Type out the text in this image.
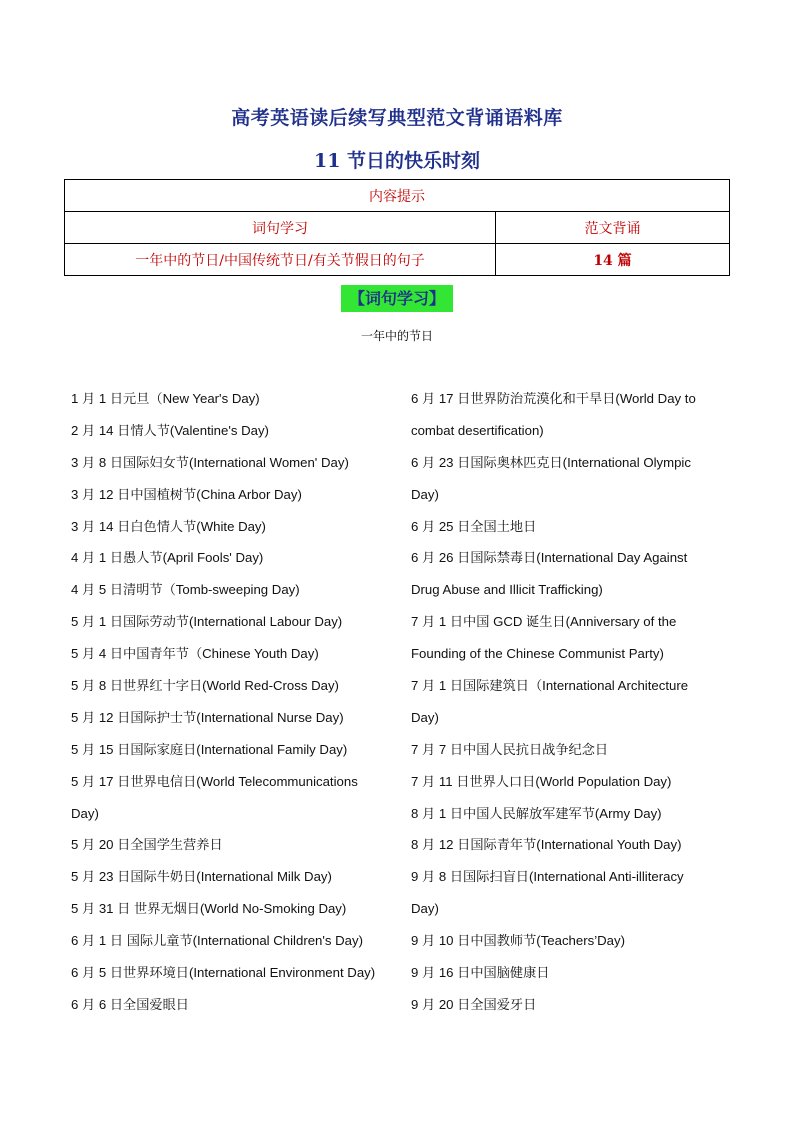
高考英语读后续写典型范文背诵语料库
11 节日的快乐时刻
内容提示	
词句学习	范文背诵
一年中的节日/中国传统节日/有关节假日的句子	14 篇
【词句学习】
一年中的节日
1 月 1 日元旦（New Year's Day)
2 月 14 日情人节(Valentine's Day)
3 月 8 日国际妇女节(International Women' Day)
3 月 12 日中国植树节(China Arbor Day)
3 月 14 日白色情人节(White Day)
4 月 1 日愚人节(April Fools' Day)
4 月 5 日清明节（Tomb-sweeping Day)
5 月 1 日国际劳动节(International Labour Day)
5 月 4 日中国青年节（Chinese Youth Day)
5 月 8 日世界红十字日(World Red-Cross Day)
5 月 12 日国际护士节(International Nurse Day)
5 月 15 日国际家庭日(International Family Day)
5 月 17 日世界电信日(World Telecommunications
Day)
5 月 20 日全国学生营养日
5 月 23 日国际牛奶日(International Milk Day)
5 月 31 日 世界无烟日(World No-Smoking Day)
6 月 1 日 国际儿童节(International Children's Day)
6 月 5 日世界环境日(International Environment Day)
6 月 6 日全国爱眼日
6 月 17 日世界防治荒漠化和干旱日(World Day to
combat desertification)
6 月 23 日国际奥林匹克日(International Olympic
Day)
6 月 25 日全国土地日
6 月 26 日国际禁毒日(International Day Against
Drug Abuse and Illicit Trafficking)
7 月 1 日中国 GCD 诞生日(Anniversary of the
Founding of the Chinese Communist Party)
7 月 1 日国际建筑日（International Architecture
Day)
7 月 7 日中国人民抗日战争纪念日
7 月 11 日世界人口日(World Population Day)
8 月 1 日中国人民解放军建军节(Army Day)
8 月 12 日国际青年节(International Youth Day)
9 月 8 日国际扫盲日(International Anti-illiteracy
Day)
9 月 10 日中国教师节(Teachers’Day)
9 月 16 日中国脑健康日
9 月 20 日全国爱牙日
